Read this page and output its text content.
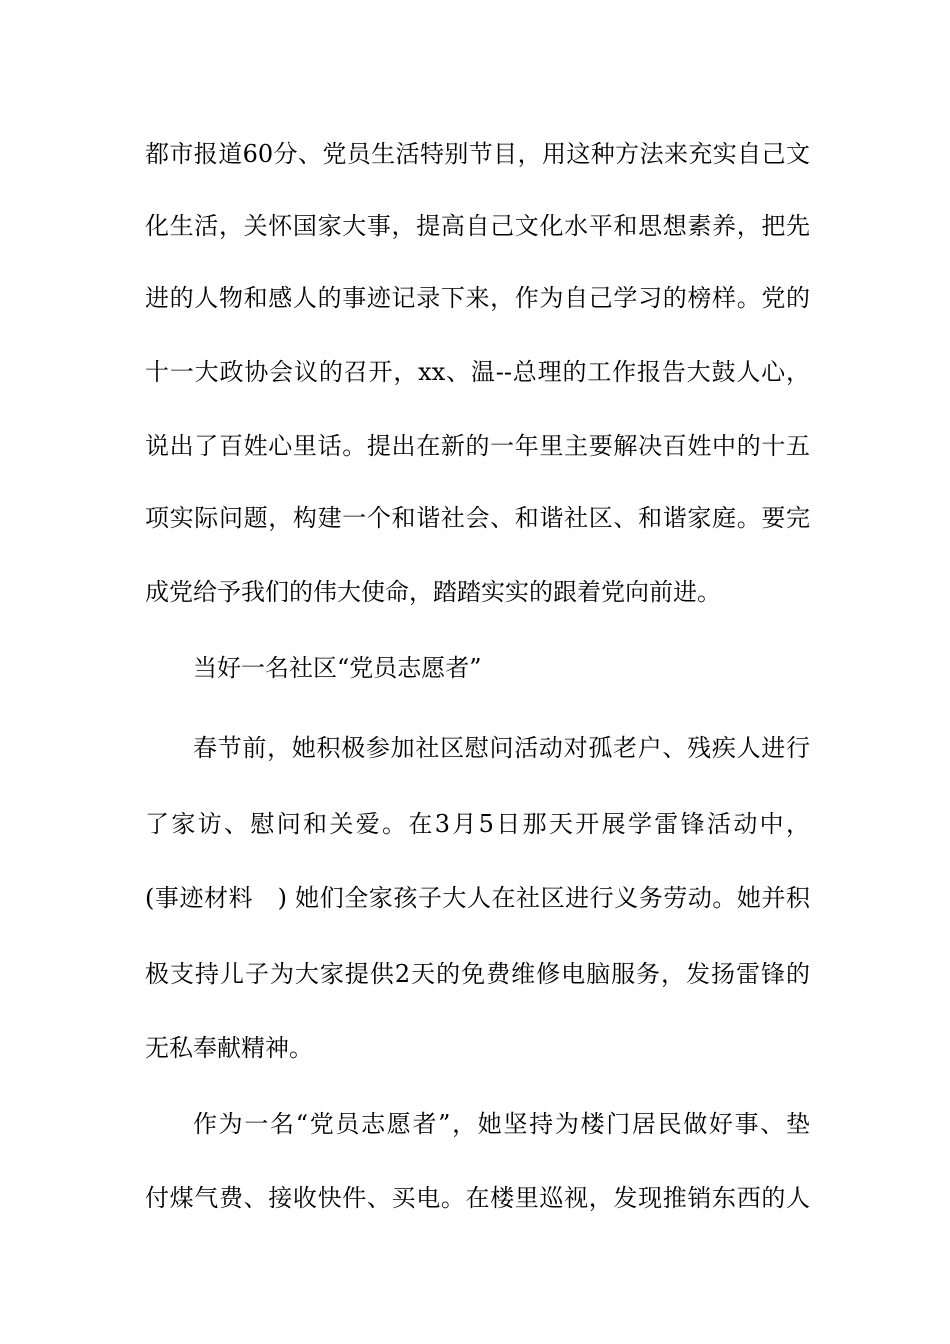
都市报道60分、党员生活特别节目，用这种方法来充实自己文
化生活，关怀国家大事，提高自己文化水平和思想素养，把先
进的人物和感人的事迹记录下来，作为自己学习的榜样。党的
十一大政协会议的召开，xx、温--总理的工作报告大鼓人心，
说出了百姓心里话。提出在新的一年里主要解决百姓中的十五
项实际问题，构建一个和谐社会、和谐社区、和谐家庭。要完
成党给予我们的伟大使命，踏踏实实的跟着党向前进。
当好一名社区“党员志愿者”
春节前，她积极参加社区慰问活动对孤老户、残疾人进行
了家访、慰问和关爱。在3月5日那天开展学雷锋活动中，
(事迹材料　) 她们全家孩子大人在社区进行义务劳动。她并积
极支持儿子为大家提供2天的免费维修电脑服务，发扬雷锋的
无私奉献精神。
作为一名“党员志愿者”，她坚持为楼门居民做好事、垫
付煤气费、接收快件、买电。在楼里巡视，发现推销东西的人
